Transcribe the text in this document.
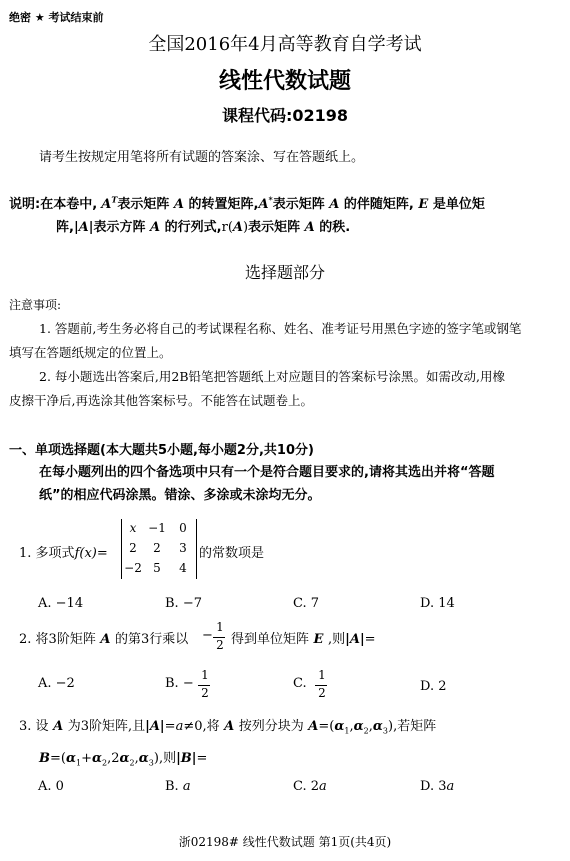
绝密 ★ 考试结束前
全国2016年4月高等教育自学考试
线性代数试题
课程代码:02198
请考生按规定用笔将所有试题的答案涂、写在答题纸上。
说明:在本卷中, $A^T$表示矩阵 A 的转置矩阵,A*表示矩阵 A 的伴随矩阵, E 是单位矩
阵,|A|表示方阵 A 的行列式,r(A)表示矩阵 A 的秩.
选择题部分
注意事项:
1. 答题前,考生务必将自己的考试课程名称、姓名、准考证号用黑色字迹的签字笔或钢笔
填写在答题纸规定的位置上。
2. 每小题选出答案后,用2B铅笔把答题纸上对应题目的答案标号涂黑。如需改动,用橡
皮擦干净后,再选涂其他答案标号。不能答在试题卷上。
一、单项选择题(本大题共5小题,每小题2分,共10分)
在每小题列出的四个备选项中只有一个是符合题目要求的,请将其选出并将“答题
纸”的相应代码涂黑。错涂、多涂或未涂均无分。
1. 多项式f(x)=
x −1	0
2	2	3
−2 5	4
的常数项是
A. −14	B. −7	C. 7	D. 14
2. 将3阶矩阵 A 的第3行乘以 −
1
2 得到单位矩阵 E ,则|A|=
A. −2	B. −
1
2
C.
1
2	D. 2
3. 设 A 为3阶矩阵,且|A|=a≠0,将 A 按列分块为 $A=(\alpha_1,\alpha_2,\alpha_3)$,若矩阵
$B=(\alpha_1+\alpha_2,2\alpha_2,\alpha_3)$,则|B|=
A. 0	B. a	C. 2a	D. 3a
浙02198# 线性代数试题 第1页(共4页)
